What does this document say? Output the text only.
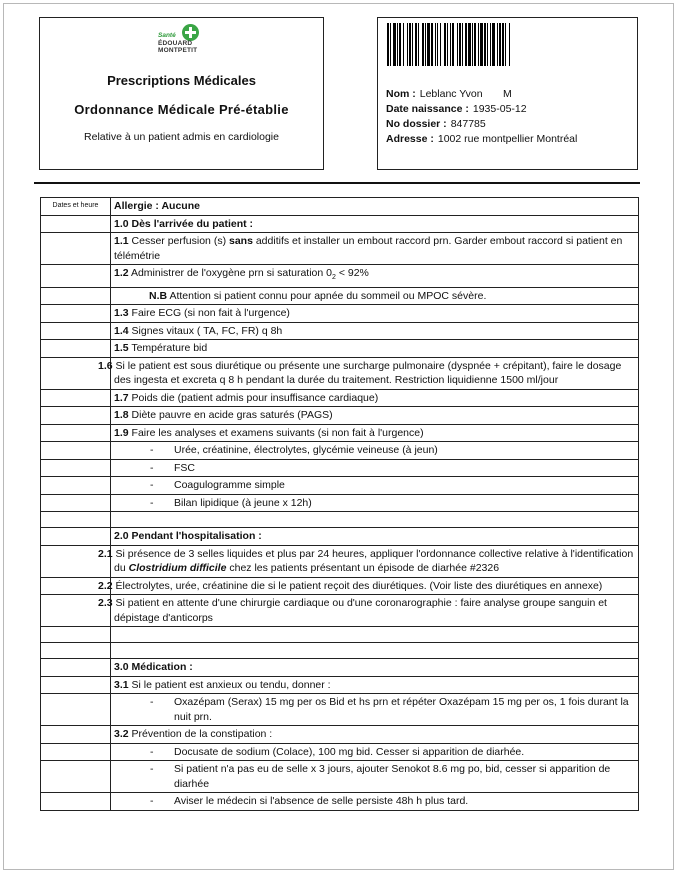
Santé
ÉDOUARD
MONTPETIT
Prescriptions Médicales
Ordonnance Médicale Pré-établie
Relative à un patient admis en cardiologie
Nom : Leblanc Yvon       M
Date naissance : 1935-05-12
No dossier : 847785
Adresse : 1002 rue montpellier Montréal
Dates et heure	Allergie : Aucune
	1.0 Dès l'arrivée du patient :
	1.1 Cesser perfusion (s) sans additifs et installer un embout raccord prn. Garder embout raccord si patient en télémétrie
	1.2 Administrer de l'oxygène prn si saturation $0_2 < 92\%$
	N.B Attention si patient connu pour apnée du sommeil ou MPOC sévère.
	1.3 Faire ECG (si non fait à l'urgence)
	1.4 Signes vitaux ( TA, FC, FR) q 8h
	1.5 Température bid
	1.6 Si le patient est sous diurétique ou présente une surcharge pulmonaire (dyspnée + crépitant), faire le dosage des ingesta et excreta q 8 h pendant la durée du traitement. Restriction liquidienne 1500 ml/jour
	1.7 Poids die (patient admis pour insuffisance cardiaque)
	1.8 Diète pauvre en acide gras saturés (PAGS)
	1.9 Faire les analyses et examens suivants (si non fait à l'urgence)

	- Urée, créatinine, électrolytes, glycémie veineuse (à jeun)

	- FSC

	- Coagulogramme simple

	- Bilan lipidique (à jeune x 12h)

	2.0 Pendant l'hospitalisation :
	2.1 Si présence de 3 selles liquides et plus par 24 heures, appliquer l'ordonnance collective relative à l'identification du Clostridium difficile chez les patients présentant un épisode de diarhée #2326
	2.2 Électrolytes, urée, créatinine die si le patient reçoit des diurétiques. (Voir liste des diurétiques en annexe)
	2.3 Si patient en attente d'une chirurgie cardiaque ou d'une coronarographie : faire analyse groupe sanguin et dépistage d'anticorps

	3.0 Médication :
	3.1 Si le patient est anxieux ou tendu, donner :

	- Oxazépam (Serax) 15 mg per os Bid et hs prn et répéter Oxazépam 15 mg per os, 1 fois durant la nuit prn.

	3.2 Prévention de la constipation :

	- Docusate de sodium (Colace), 100 mg bid. Cesser si apparition de diarhée.

	- Si patient n'a pas eu de selle x 3 jours, ajouter Senokot 8.6 mg po, bid, cesser si apparition de diarhée

	- Aviser le médecin si l'absence de selle persiste 48h h plus tard.
